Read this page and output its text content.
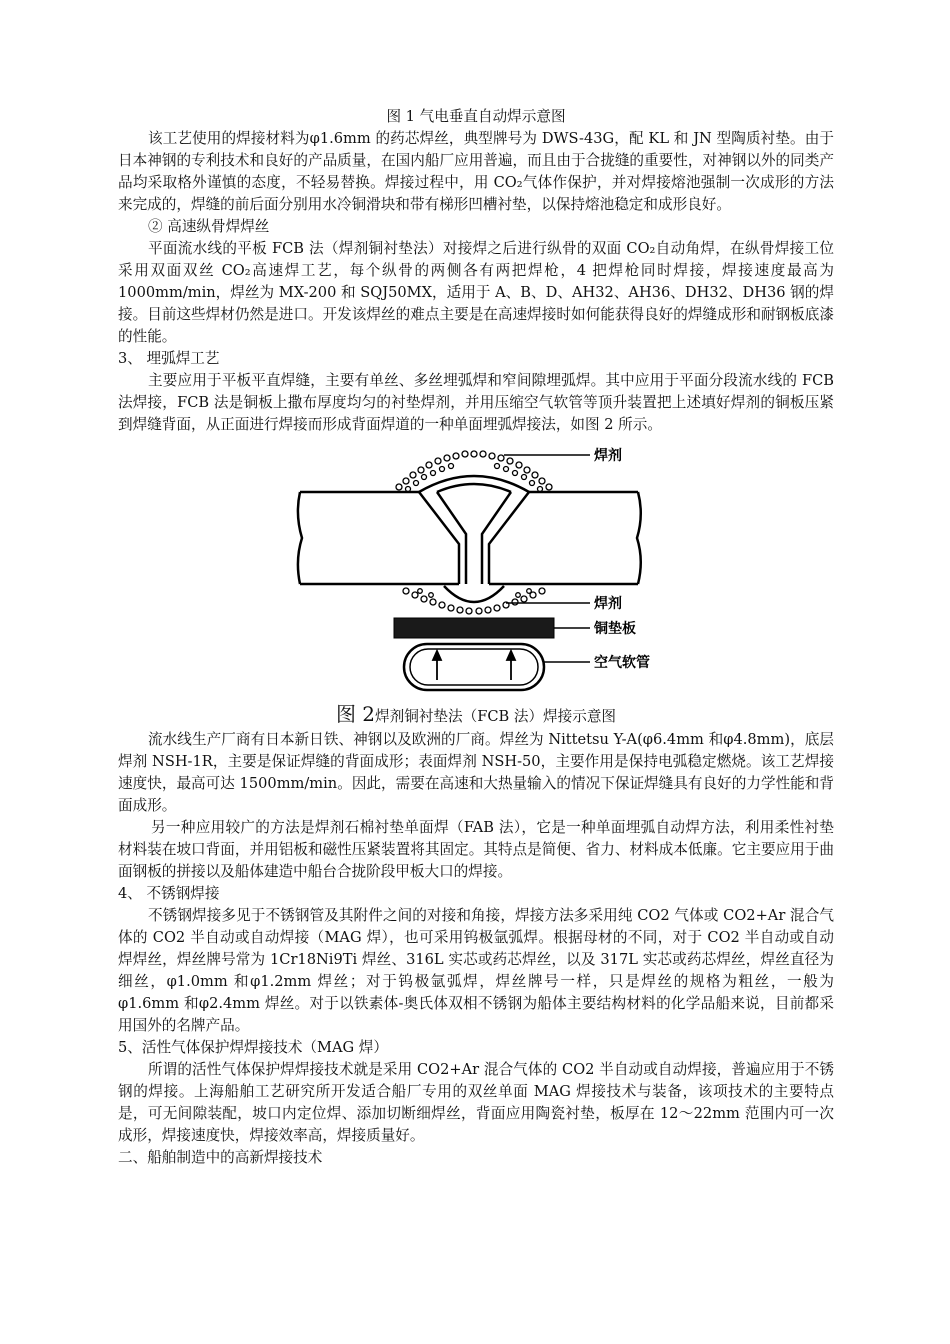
图 1 气电垂直自动焊示意图

该工艺使用的焊接材料为φ1.6mm 的药芯焊丝，典型牌号为 DWS-43G，配 KL 和 JN 型陶质衬垫。由于日本神钢的专利技术和良好的产品质量，在国内船厂应用普遍，而且由于合拢缝的重要性，对神钢以外的同类产品均采取格外谨慎的态度，不轻易替换。焊接过程中，用 CO₂气体作保护，并对焊接熔池强制一次成形的方法来完成的，焊缝的前后面分别用水冷铜滑块和带有梯形凹槽衬垫，以保持熔池稳定和成形良好。

② 高速纵骨焊焊丝

平面流水线的平板 FCB 法（焊剂铜衬垫法）对接焊之后进行纵骨的双面 CO₂自动角焊，在纵骨焊接工位采用双面双丝 CO₂高速焊工艺，每个纵骨的两侧各有两把焊枪，4 把焊枪同时焊接，焊接速度最高为 1000mm/min，焊丝为 MX-200 和 SQJ50MX，适用于 A、B、D、AH32、AH36、DH32、DH36 钢的焊接。目前这些焊材仍然是进口。开发该焊丝的难点主要是在高速焊接时如何能获得良好的焊缝成形和耐钢板底漆的性能。

3、 埋弧焊工艺

主要应用于平板平直焊缝，主要有单丝、多丝埋弧焊和窄间隙埋弧焊。其中应用于平面分段流水线的 FCB 法焊接，FCB 法是铜板上撒布厚度均匀的衬垫焊剂，并用压缩空气软管等顶升装置把上述填好焊剂的铜板压紧到焊缝背面，从正面进行焊接而形成背面焊道的一种单面埋弧焊接法，如图 2 所示。

焊剂
焊剂
铜垫板
空气软管

图 2焊剂铜衬垫法（FCB 法）焊接示意图

流水线生产厂商有日本新日铁、神钢以及欧洲的厂商。焊丝为 Nittetsu Y-A(φ6.4mm 和φ4.8mm)，底层焊剂 NSH-1R，主要是保证焊缝的背面成形；表面焊剂 NSH-50，主要作用是保持电弧稳定燃烧。该工艺焊接速度快，最高可达 1500mm/min。因此，需要在高速和大热量输入的情况下保证焊缝具有良好的力学性能和背面成形。

另一种应用较广的方法是焊剂石棉衬垫单面焊（FAB 法），它是一种单面埋弧自动焊方法，利用柔性衬垫材料装在坡口背面，并用铝板和磁性压紧装置将其固定。其特点是简便、省力、材料成本低廉。它主要应用于曲面钢板的拼接以及船体建造中船台合拢阶段甲板大口的焊接。

4、 不锈钢焊接

不锈钢焊接多见于不锈钢管及其附件之间的对接和角接，焊接方法多采用纯 CO2 气体或 CO2+Ar 混合气体的 CO2 半自动或自动焊接（MAG 焊），也可采用钨极氩弧焊。根据母材的不同，对于 CO2 半自动或自动焊焊丝，焊丝牌号常为 1Cr18Ni9Ti 焊丝、316L 实芯或药芯焊丝，以及 317L 实芯或药芯焊丝，焊丝直径为细丝，φ1.0mm 和φ1.2mm 焊丝；对于钨极氩弧焊，焊丝牌号一样，只是焊丝的规格为粗丝，一般为φ1.6mm 和φ2.4mm 焊丝。对于以铁素体-奥氏体双相不锈钢为船体主要结构材料的化学品船来说，目前都采用国外的名牌产品。

5、活性气体保护焊焊接技术（MAG 焊）

所谓的活性气体保护焊焊接技术就是采用 CO2+Ar 混合气体的 CO2 半自动或自动焊接，普遍应用于不锈钢的焊接。上海船舶工艺研究所开发适合船厂专用的双丝单面 MAG 焊接技术与装备，该项技术的主要特点是，可无间隙装配，坡口内定位焊、添加切断细焊丝，背面应用陶瓷衬垫，板厚在 12～22mm 范围内可一次成形，焊接速度快，焊接效率高，焊接质量好。

二、船舶制造中的高新焊接技术
